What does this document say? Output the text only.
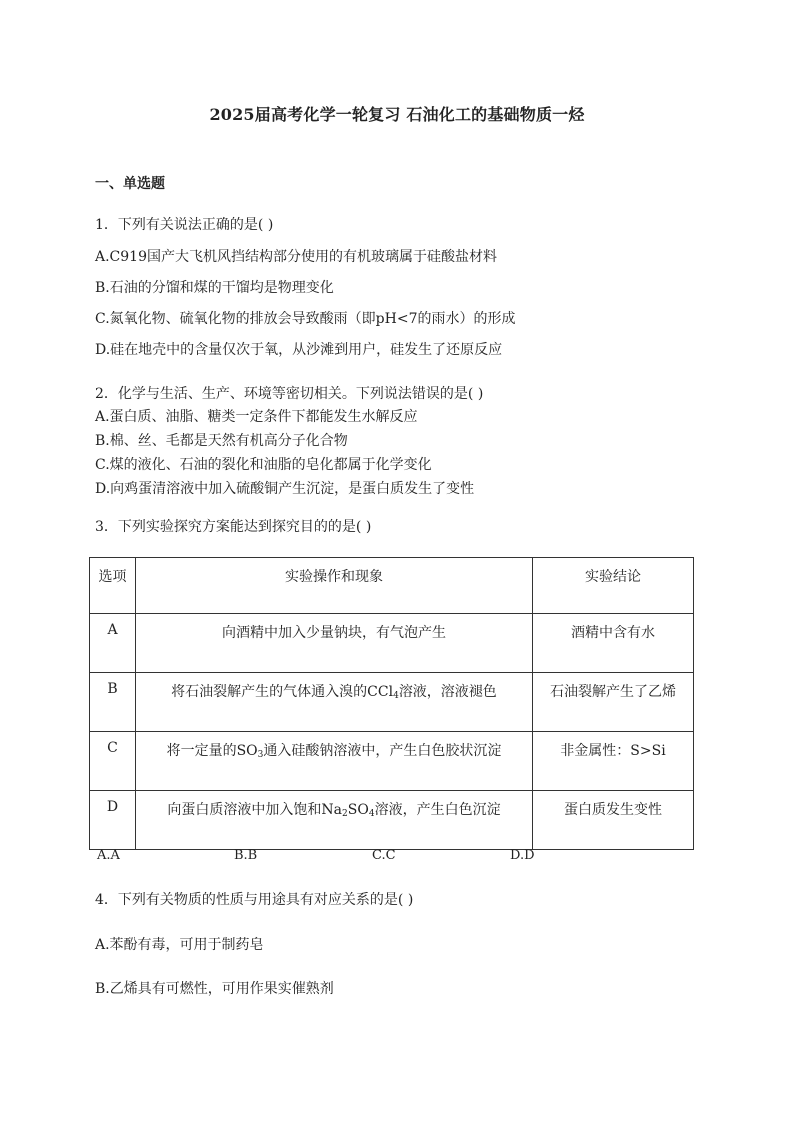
2025届高考化学一轮复习 石油化工的基础物质一烃
一、单选题
1．下列有关说法正确的是( )
A.C919国产大飞机风挡结构部分使用的有机玻璃属于硅酸盐材料
B.石油的分馏和煤的干馏均是物理变化
C.氮氧化物、硫氧化物的排放会导致酸雨（即pH<7的雨水）的形成
D.硅在地壳中的含量仅次于氧，从沙滩到用户，硅发生了还原反应
2．化学与生活、生产、环境等密切相关。下列说法错误的是( )
A.蛋白质、油脂、糖类一定条件下都能发生水解反应
B.棉、丝、毛都是天然有机高分子化合物
C.煤的液化、石油的裂化和油脂的皂化都属于化学变化
D.向鸡蛋清溶液中加入硫酸铜产生沉淀，是蛋白质发生了变性
3．下列实验探究方案能达到探究目的的是( )
选项	实验操作和现象	实验结论
A	向酒精中加入少量钠块，有气泡产生	酒精中含有水
B	将石油裂解产生的气体通入溴的CCl$_4$溶液，溶液褪色	石油裂解产生了乙烯
C	将一定量的$SO_3$通入硅酸钠溶液中，产生白色胶状沉淀	非金属性：S>Si
D	向蛋白质溶液中加入饱和$Na_2SO_4$溶液，产生白色沉淀	蛋白质发生变性
A.A	B.B	C.C	D.D
4．下列有关物质的性质与用途具有对应关系的是( )
A.苯酚有毒，可用于制药皂
B.乙烯具有可燃性，可用作果实催熟剂
